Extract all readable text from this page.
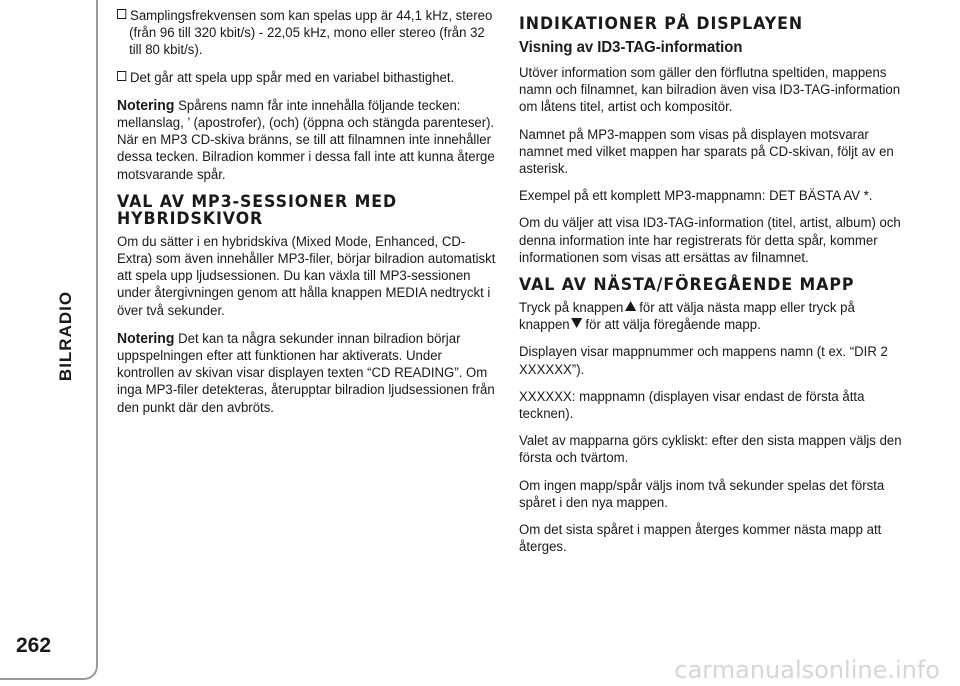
BILRADIO
262

Samplingsfrekvensen som kan spelas upp är 44,1 kHz, stereo (från 96 till 320 kbit/s) - 22,05 kHz, mono eller stereo (från 32 till 80 kbit/s).

Det går att spela upp spår med en variabel bithastighet.

Notering Spårens namn får inte innehålla följande tecken: mellanslag, ’ (apostrofer), (och) (öppna och stängda parenteser). När en MP3 CD-skiva bränns, se till att filnamnen inte innehåller dessa tecken. Bilradion kommer i dessa fall inte att kunna återge motsvarande spår.

VAL AV MP3-SESSIONER MED HYBRIDSKIVOR

Om du sätter i en hybridskiva (Mixed Mode, Enhanced, CD-Extra) som även innehåller MP3-filer, börjar bilradion automatiskt att spela upp ljudsessionen. Du kan växla till MP3-sessionen under återgivningen genom att hålla knappen MEDIA nedtryckt i över två sekunder.

Notering Det kan ta några sekunder innan bilradion börjar uppspelningen efter att funktionen har aktiverats. Under kontrollen av skivan visar displayen texten “CD READING”. Om inga MP3-filer detekteras, återupptar bilradion ljudsessionen från den punkt där den avbröts.

INDIKATIONER PÅ DISPLAYEN
Visning av ID3-TAG-information

Utöver information som gäller den förflutna speltiden, mappens namn och filnamnet, kan bilradion även visa ID3-TAG-information om låtens titel, artist och kompositör.

Namnet på MP3-mappen som visas på displayen motsvarar namnet med vilket mappen har sparats på CD-skivan, följt av en asterisk.

Exempel på ett komplett MP3-mappnamn: DET BÄSTA AV *.

Om du väljer att visa ID3-TAG-information (titel, artist, album) och denna information inte har registrerats för detta spår, kommer informationen som visas att ersättas av filnamnet.

VAL AV NÄSTA/FÖREGÅENDE MAPP

Tryck på knappen för att välja nästa mapp eller tryck på knappen för att välja föregående mapp.

Displayen visar mappnummer och mappens namn (t ex. “DIR 2 XXXXXX”).

XXXXXX: mappnamn (displayen visar endast de första åtta tecknen).

Valet av mapparna görs cykliskt: efter den sista mappen väljs den första och tvärtom.

Om ingen mapp/spår väljs inom två sekunder spelas det första spåret i den nya mappen.

Om det sista spåret i mappen återges kommer nästa mapp att återges.

carmanualsonline.info
